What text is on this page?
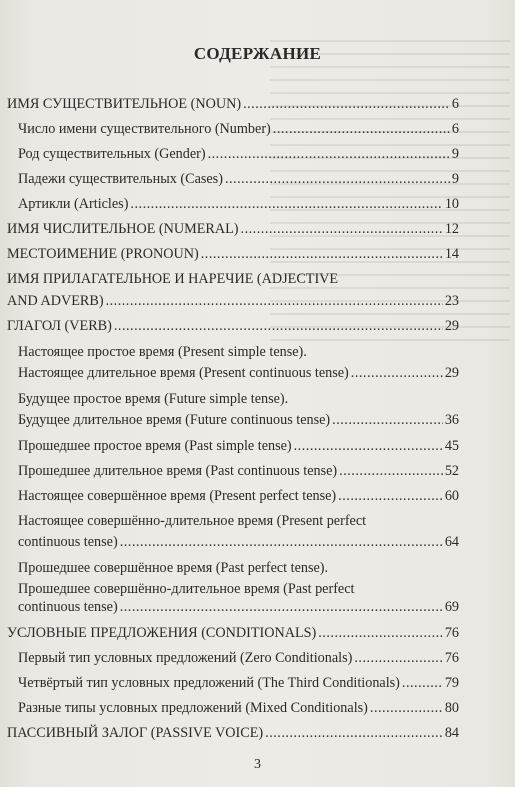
СОДЕРЖАНИЕ
ИМЯ СУЩЕСТВИТЕЛЬНОЕ (NOUN) .....	6
Число имени существительного (Number) .....	6
Род существительных (Gender) .....	9
Падежи существительных (Cases) .....	9
Артикли (Articles) .....	10
ИМЯ ЧИСЛИТЕЛЬНОЕ (NUMERAL) .....	12
МЕСТОИМЕНИЕ (PRONOUN) .....	14
ИМЯ ПРИЛАГАТЕЛЬНОЕ И НАРЕЧИЕ (ADJECTIVE
AND ADVERB) .....	23
ГЛАГОЛ (VERB) .....	29
Настоящее простое время (Present simple tense).
Настоящее длительное время (Present continuous tense) .....	29
Будущее простое время (Future simple tense).
Будущее длительное время (Future continuous tense) .....	36
Прошедшее простое время (Past simple tense) .....	45
Прошедшее длительное время (Past continuous tense) .....	52
Настоящее совершённое время (Present perfect tense) .....	60
Настоящее совершённо-длительное время (Present perfect
continuous tense) .....	64
Прошедшее совершённое время (Past perfect tense).
Прошедшее совершённо-длительное время (Past perfect
continuous tense) .....	69
УСЛОВНЫЕ ПРЕДЛОЖЕНИЯ (CONDITIONALS) .....	76
Первый тип условных предложений (Zero Conditionals) .....	76
Четвёртый тип условных предложений (The Third Conditionals) .....	79
Разные типы условных предложений (Mixed Conditionals) .....	80
ПАССИВНЫЙ ЗАЛОГ (PASSIVE VOICE) .....	84
3
